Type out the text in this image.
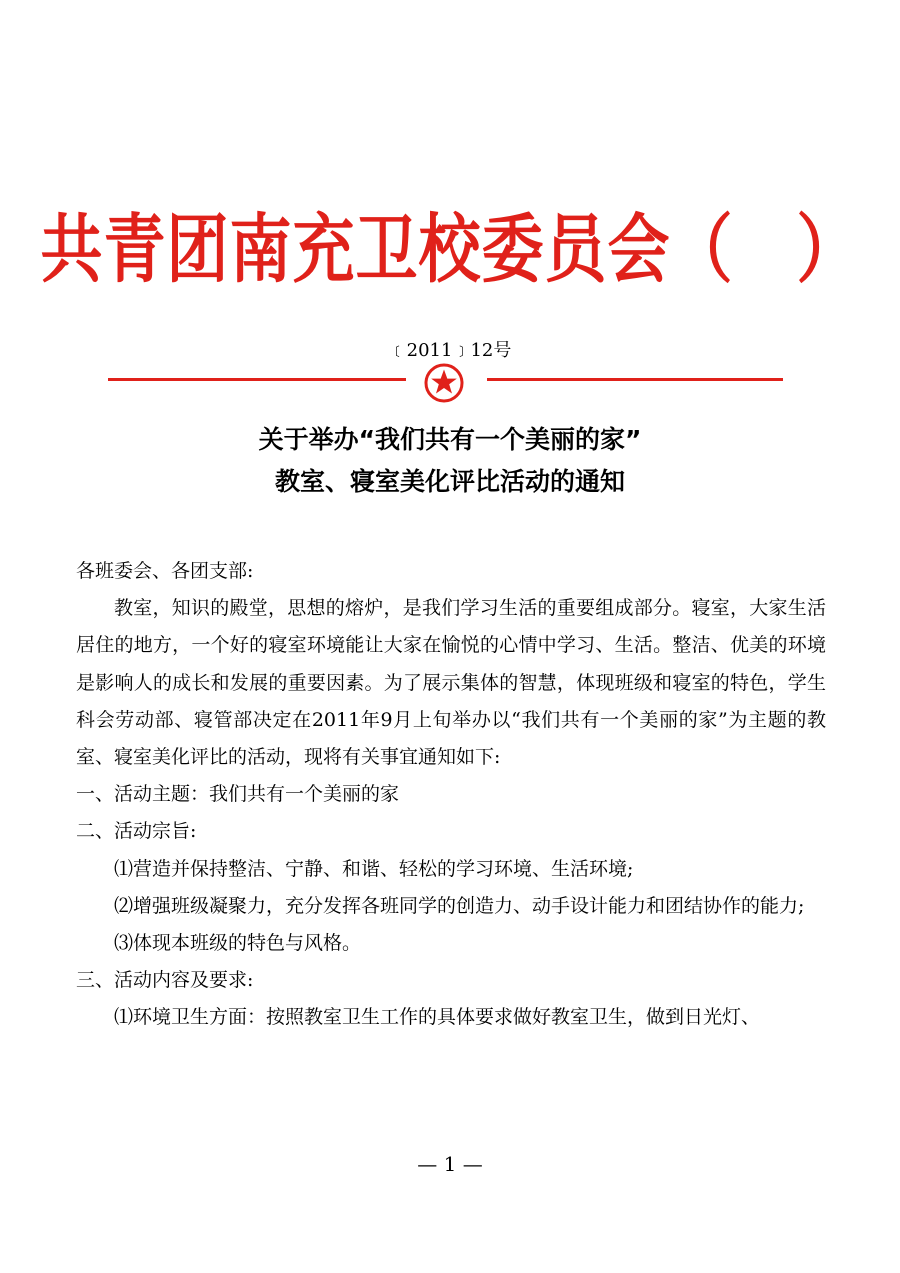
共青团南充卫校委员会（　）
﹝2011﹞12号
关于举办“我们共有一个美丽的家”
教室、寝室美化评比活动的通知

各班委会、各团支部:

教室，知识的殿堂，思想的熔炉，是我们学习生活的重要组成部分。寝室，大家生活居住的地方，一个好的寝室环境能让大家在愉悦的心情中学习、生活。整洁、优美的环境是影响人的成长和发展的重要因素。为了展示集体的智慧，体现班级和寝室的特色，学生科会劳动部、寝管部决定在2011年9月上旬举办以“我们共有一个美丽的家”为主题的教室、寝室美化评比的活动，现将有关事宜通知如下:

一、活动主题：我们共有一个美丽的家

二、活动宗旨:

⑴营造并保持整洁、宁静、和谐、轻松的学习环境、生活环境;

⑵增强班级凝聚力，充分发挥各班同学的创造力、动手设计能力和团结协作的能力;

⑶体现本班级的特色与风格。

三、活动内容及要求:

⑴环境卫生方面：按照教室卫生工作的具体要求做好教室卫生，做到日光灯、

— 1 —
